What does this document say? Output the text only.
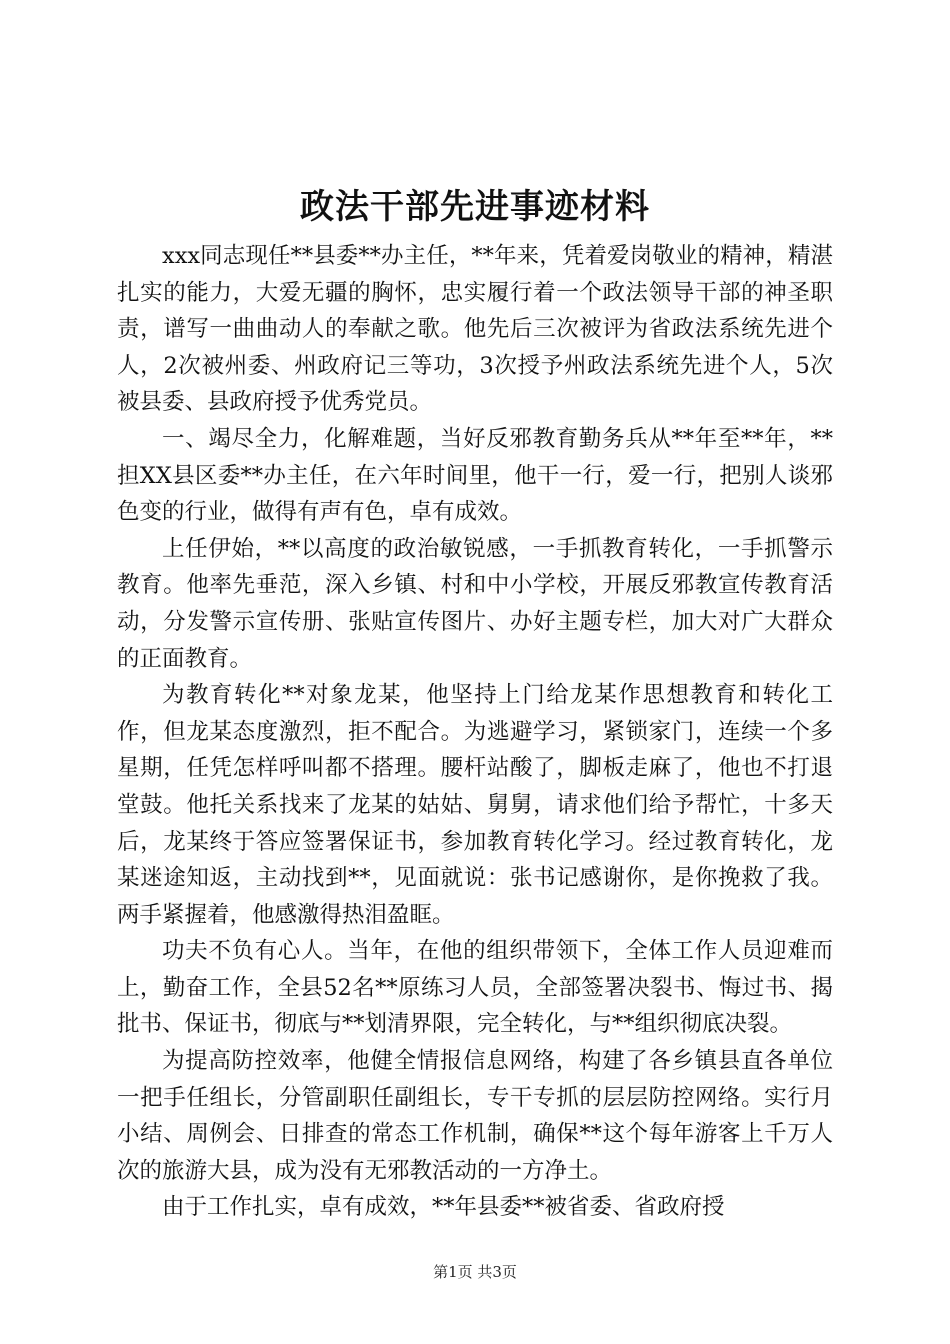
政法干部先进事迹材料

xxx同志现任**县委**办主任，**年来，凭着爱岗敬业的精神，精湛扎实的能力，大爱无疆的胸怀，忠实履行着一个政法领导干部的神圣职责，谱写一曲曲动人的奉献之歌。他先后三次被评为省政法系统先进个人，2次被州委、州政府记三等功，3次授予州政法系统先进个人，5次被县委、县政府授予优秀党员。

一、竭尽全力，化解难题，当好反邪教育勤务兵从**年至**年，**担XX县区委**办主任，在六年时间里，他干一行，爱一行，把别人谈邪色变的行业，做得有声有色，卓有成效。

上任伊始，**以高度的政治敏锐感，一手抓教育转化，一手抓警示教育。他率先垂范，深入乡镇、村和中小学校，开展反邪教宣传教育活动，分发警示宣传册、张贴宣传图片、办好主题专栏，加大对广大群众的正面教育。

为教育转化**对象龙某，他坚持上门给龙某作思想教育和转化工作，但龙某态度激烈，拒不配合。为逃避学习，紧锁家门，连续一个多星期，任凭怎样呼叫都不搭理。腰杆站酸了，脚板走麻了，他也不打退堂鼓。他托关系找来了龙某的姑姑、舅舅，请求他们给予帮忙，十多天后，龙某终于答应签署保证书，参加教育转化学习。经过教育转化，龙某迷途知返，主动找到**，见面就说：张书记感谢你，是你挽救了我。两手紧握着，他感激得热泪盈眶。

功夫不负有心人。当年，在他的组织带领下，全体工作人员迎难而上，勤奋工作，全县52名**原练习人员，全部签署决裂书、悔过书、揭批书、保证书，彻底与**划清界限，完全转化，与**组织彻底决裂。

为提高防控效率，他健全情报信息网络，构建了各乡镇县直各单位一把手任组长，分管副职任副组长，专干专抓的层层防控网络。实行月小结、周例会、日排查的常态工作机制，确保**这个每年游客上千万人次的旅游大县，成为没有无邪教活动的一方净土。

由于工作扎实，卓有成效，**年县委**被省委、省政府授

第1页 共3页
